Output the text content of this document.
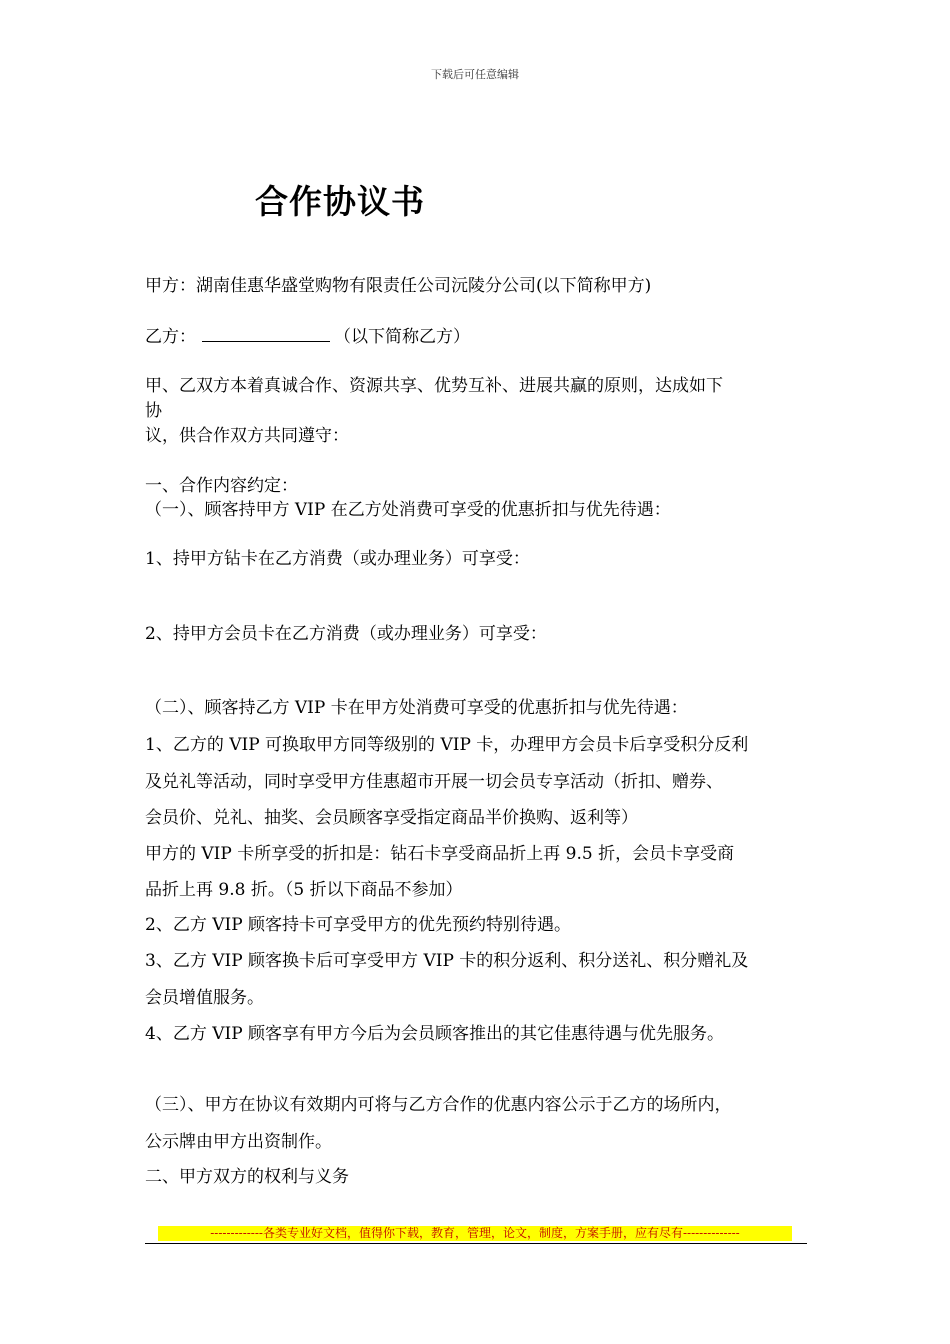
下载后可任意编辑
合作协议书
甲方：湖南佳惠华盛堂购物有限责任公司沅陵分公司(以下简称甲方)
乙方：	（以下简称乙方）
甲、乙双方本着真诚合作、资源共享、优势互补、进展共赢的原则，达成如下
协
议，供合作双方共同遵守：
一、合作内容约定：
（一）、顾客持甲方 VIP 在乙方处消费可享受的优惠折扣与优先待遇：
1、持甲方钻卡在乙方消费（或办理业务）可享受：
2、持甲方会员卡在乙方消费（或办理业务）可享受：
（二）、顾客持乙方 VIP 卡在甲方处消费可享受的优惠折扣与优先待遇：
1、乙方的 VIP 可换取甲方同等级别的 VIP 卡，办理甲方会员卡后享受积分反利
及兑礼等活动，同时享受甲方佳惠超市开展一切会员专享活动（折扣、赠券、
会员价、兑礼、抽奖、会员顾客享受指定商品半价换购、返利等）
甲方的 VIP 卡所享受的折扣是：钻石卡享受商品折上再 9.5 折，会员卡享受商
品折上再 9.8 折。（5 折以下商品不参加）
2、乙方 VIP 顾客持卡可享受甲方的优先预约特别待遇。
3、乙方 VIP 顾客换卡后可享受甲方 VIP 卡的积分返利、积分送礼、积分赠礼及
会员增值服务。
4、乙方 VIP 顾客享有甲方今后为会员顾客推出的其它佳惠待遇与优先服务。
（三）、甲方在协议有效期内可将与乙方合作的优惠内容公示于乙方的场所内，
公示牌由甲方出资制作。
二、甲方双方的权利与义务
-------------各类专业好文档，值得你下载，教育，管理，论文，制度，方案手册，应有尽有--------------
